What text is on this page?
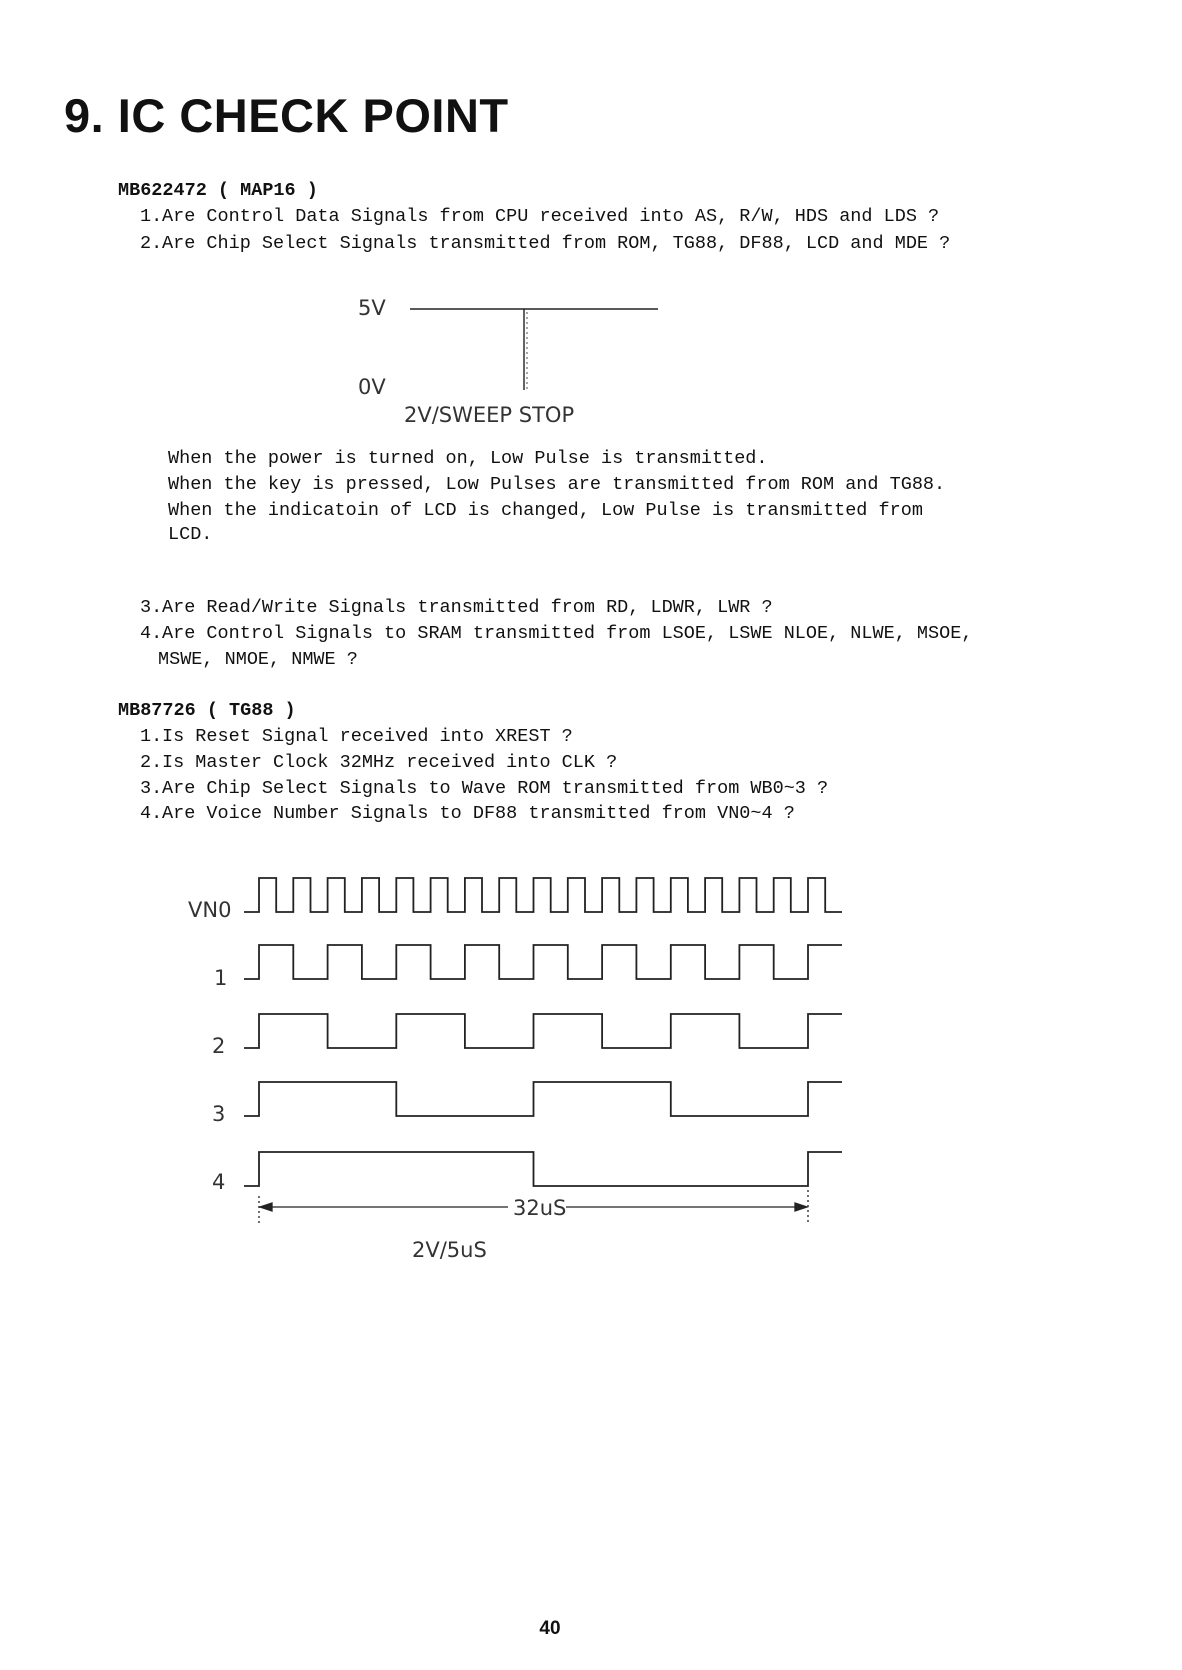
9. IC CHECK POINT
MB622472 ( MAP16 )
1.Are Control Data Signals from CPU received into AS, R/W, HDS and LDS ?
2.Are Chip Select Signals transmitted from ROM, TG88, DF88, LCD and MDE ?
5V
0V
2V/SWEEP STOP
When the power is turned on, Low Pulse is transmitted.
When the key is pressed, Low Pulses are transmitted from ROM and TG88.
When the indicatoin of LCD is changed, Low Pulse is transmitted from
LCD.
3.Are Read/Write Signals transmitted from RD, LDWR, LWR ?
4.Are Control Signals to SRAM transmitted from LSOE, LSWE NLOE, NLWE, MSOE,
MSWE, NMOE, NMWE ?
MB87726 ( TG88 )
1.Is Reset Signal received into XREST ?
2.Is Master Clock 32MHz received into CLK ?
3.Are Chip Select Signals to Wave ROM transmitted from WB0~3 ?
4.Are Voice Number Signals to DF88 transmitted from VN0~4 ?
VN0
1
2
3
4
32uS
2V/5uS
40
